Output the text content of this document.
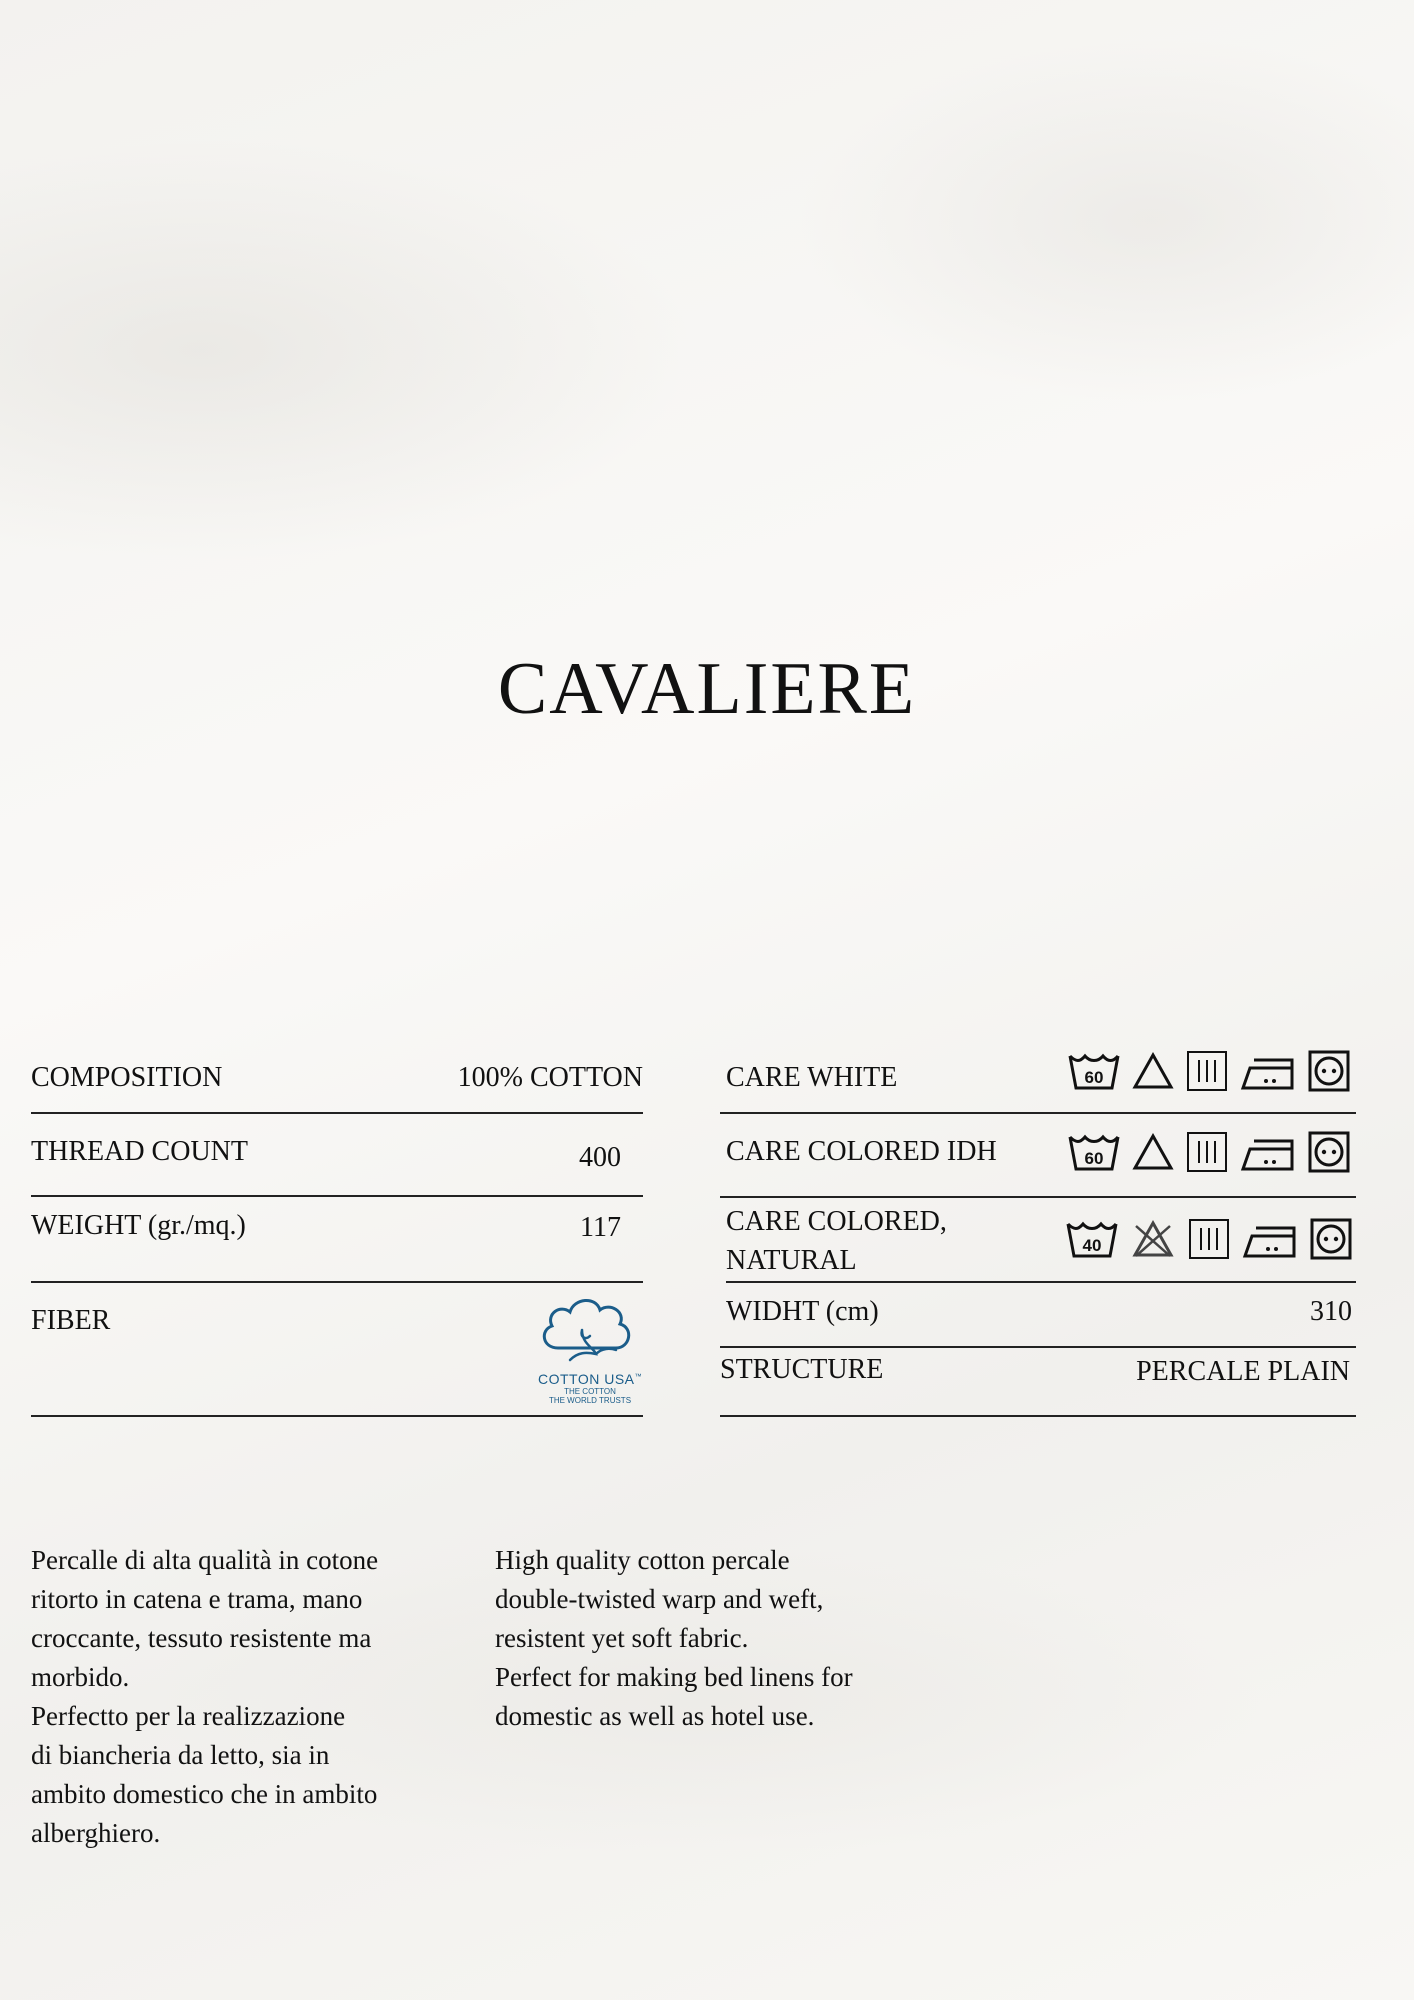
CAVALIERE
COMPOSITION	100% COTTON
THREAD COUNT	400
WEIGHT (gr./mq.)	117
FIBER
COTTON USA™
THE COTTON
THE WORLD TRUSTS
CARE WHITE	60
CARE COLORED IDH	60
CARE COLORED,
NATURAL	40
WIDHT (cm)	310
STRUCTURE	PERCALE PLAIN
Percalle di alta qualità in cotone
ritorto in catena e trama, mano
croccante, tessuto resistente ma
morbido.
Perfectto per la realizzazione
di biancheria da letto, sia in
ambito domestico che in ambito
alberghiero.
High quality cotton percale
double-twisted warp and weft,
resistent yet soft fabric.
Perfect for making bed linens for
domestic as well as hotel use.
